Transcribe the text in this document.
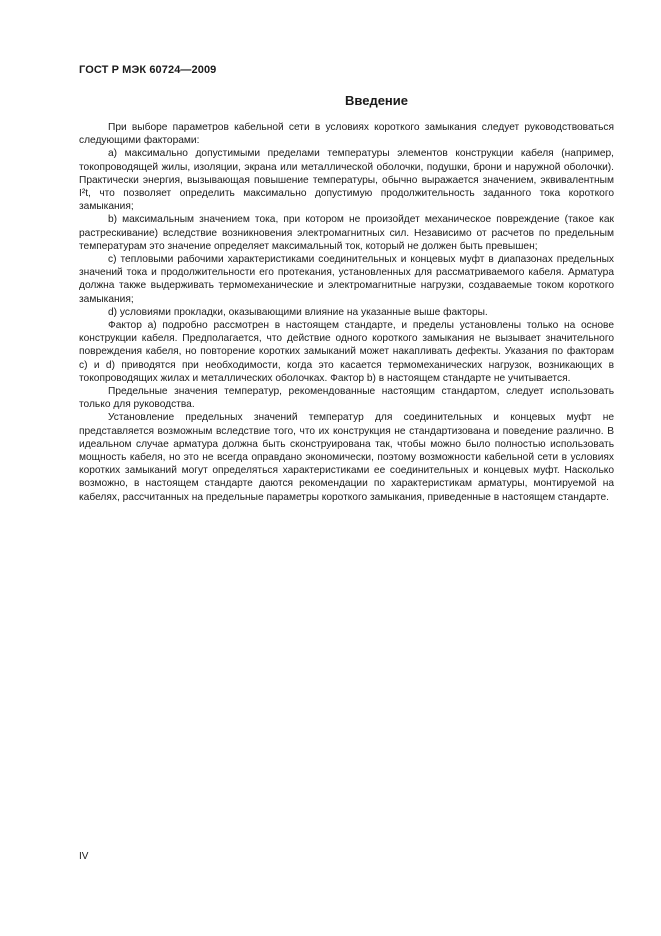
ГОСТ Р МЭК 60724—2009
Введение

При выборе параметров кабельной сети в условиях короткого замыкания следует руководствоваться следующими факторами:

a) максимально допустимыми пределами температуры элементов конструкции кабеля (например, токопроводящей жилы, изоляции, экрана или металлической оболочки, подушки, брони и наружной оболочки). Практически энергия, вызывающая повышение температуры, обычно выражается значением, эквивалентным I²t, что позволяет определить максимально допустимую продолжительность заданного тока короткого замыкания;

b) максимальным значением тока, при котором не произойдет механическое повреждение (такое как растрескивание) вследствие возникновения электромагнитных сил. Независимо от расчетов по предельным температурам это значение определяет максимальный ток, который не должен быть превышен;

c) тепловыми рабочими характеристиками соединительных и концевых муфт в диапазонах предельных значений тока и продолжительности его протекания, установленных для рассматриваемого кабеля. Арматура должна также выдерживать термомеханические и электромагнитные нагрузки, создаваемые током короткого замыкания;

d) условиями прокладки, оказывающими влияние на указанные выше факторы.

Фактор a) подробно рассмотрен в настоящем стандарте, и пределы установлены только на основе конструкции кабеля. Предполагается, что действие одного короткого замыкания не вызывает значительного повреждения кабеля, но повторение коротких замыканий может накапливать дефекты. Указания по факторам c) и d) приводятся при необходимости, когда это касается термомеханических нагрузок, возникающих в токопроводящих жилах и металлических оболочках. Фактор b) в настоящем стандарте не учитывается.

Предельные значения температур, рекомендованные настоящим стандартом, следует использовать только для руководства.

Установление предельных значений температур для соединительных и концевых муфт не представляется возможным вследствие того, что их конструкция не стандартизована и поведение различно. В идеальном случае арматура должна быть сконструирована так, чтобы можно было полностью использовать мощность кабеля, но это не всегда оправдано экономически, поэтому возможности кабельной сети в условиях коротких замыканий могут определяться характеристиками ее соединительных и концевых муфт. Насколько возможно, в настоящем стандарте даются рекомендации по характеристикам арматуры, монтируемой на кабелях, рассчитанных на предельные параметры короткого замыкания, приведенные в настоящем стандарте.

IV
